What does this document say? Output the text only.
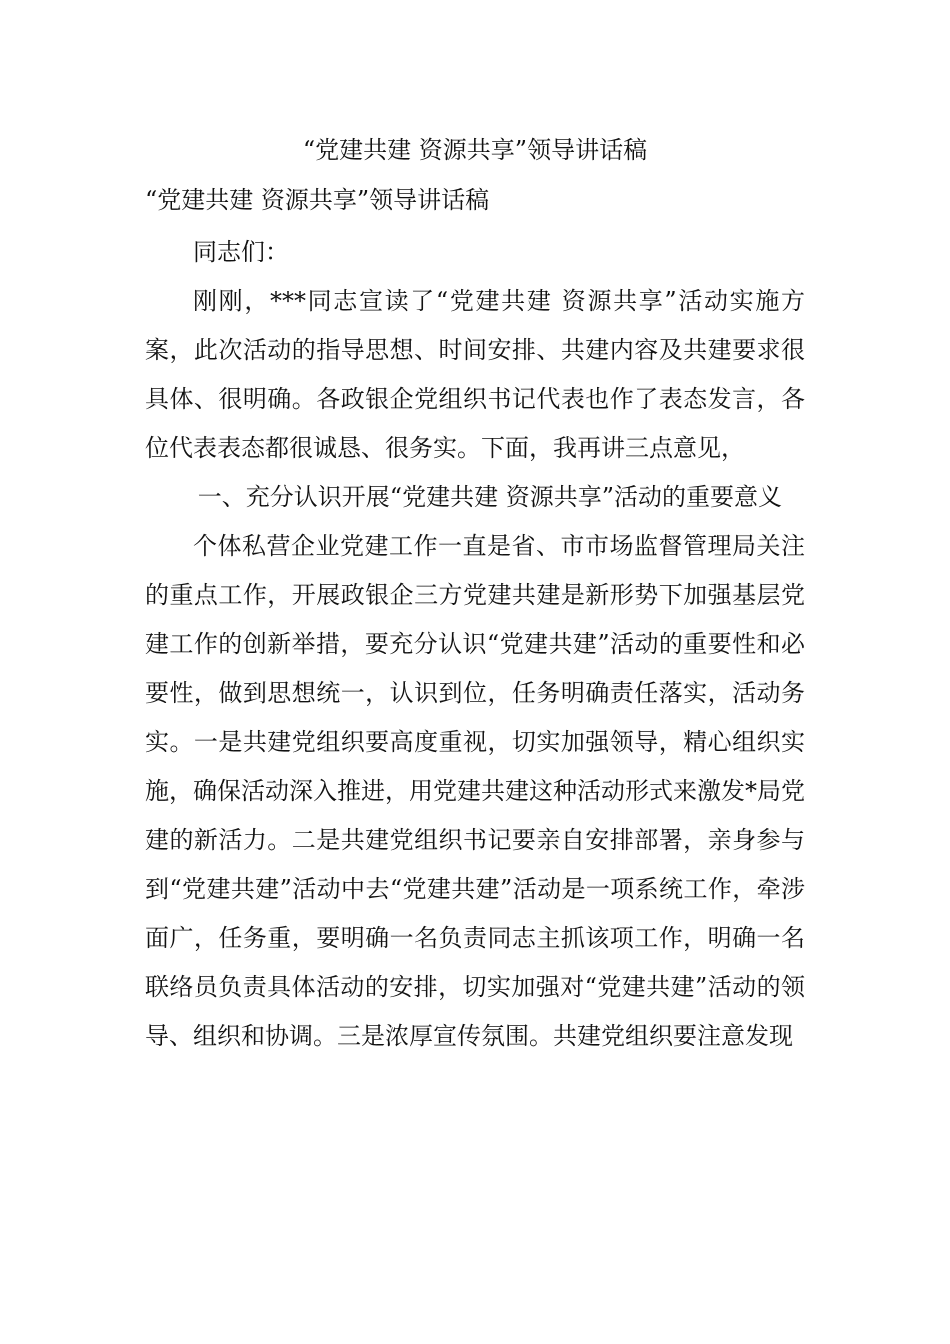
“党建共建 资源共享”领导讲话稿
“党建共建 资源共享”领导讲话稿

同志们：

刚刚，***同志宣读了“党建共建 资源共享”活动实施方案，此次活动的指导思想、时间安排、共建内容及共建要求很具体、很明确。各政银企党组织书记代表也作了表态发言，各位代表表态都很诚恳、很务实。下面，我再讲三点意见，

一、充分认识开展“党建共建 资源共享”活动的重要意义

个体私营企业党建工作一直是省、市市场监督管理局关注的重点工作，开展政银企三方党建共建是新形势下加强基层党建工作的创新举措，要充分认识“党建共建”活动的重要性和必要性，做到思想统一，认识到位，任务明确责任落实，活动务实。一是共建党组织要高度重视，切实加强领导，精心组织实施，确保活动深入推进，用党建共建这种活动形式来激发*局党建的新活力。二是共建党组织书记要亲自安排部署，亲身参与到“党建共建”活动中去“党建共建”活动是一项系统工作，牵涉面广，任务重，要明确一名负责同志主抓该项工作，明确一名联络员负责具体活动的安排，切实加强对“党建共建”活动的领导、组织和协调。三是浓厚宣传氛围。共建党组织要注意发现
